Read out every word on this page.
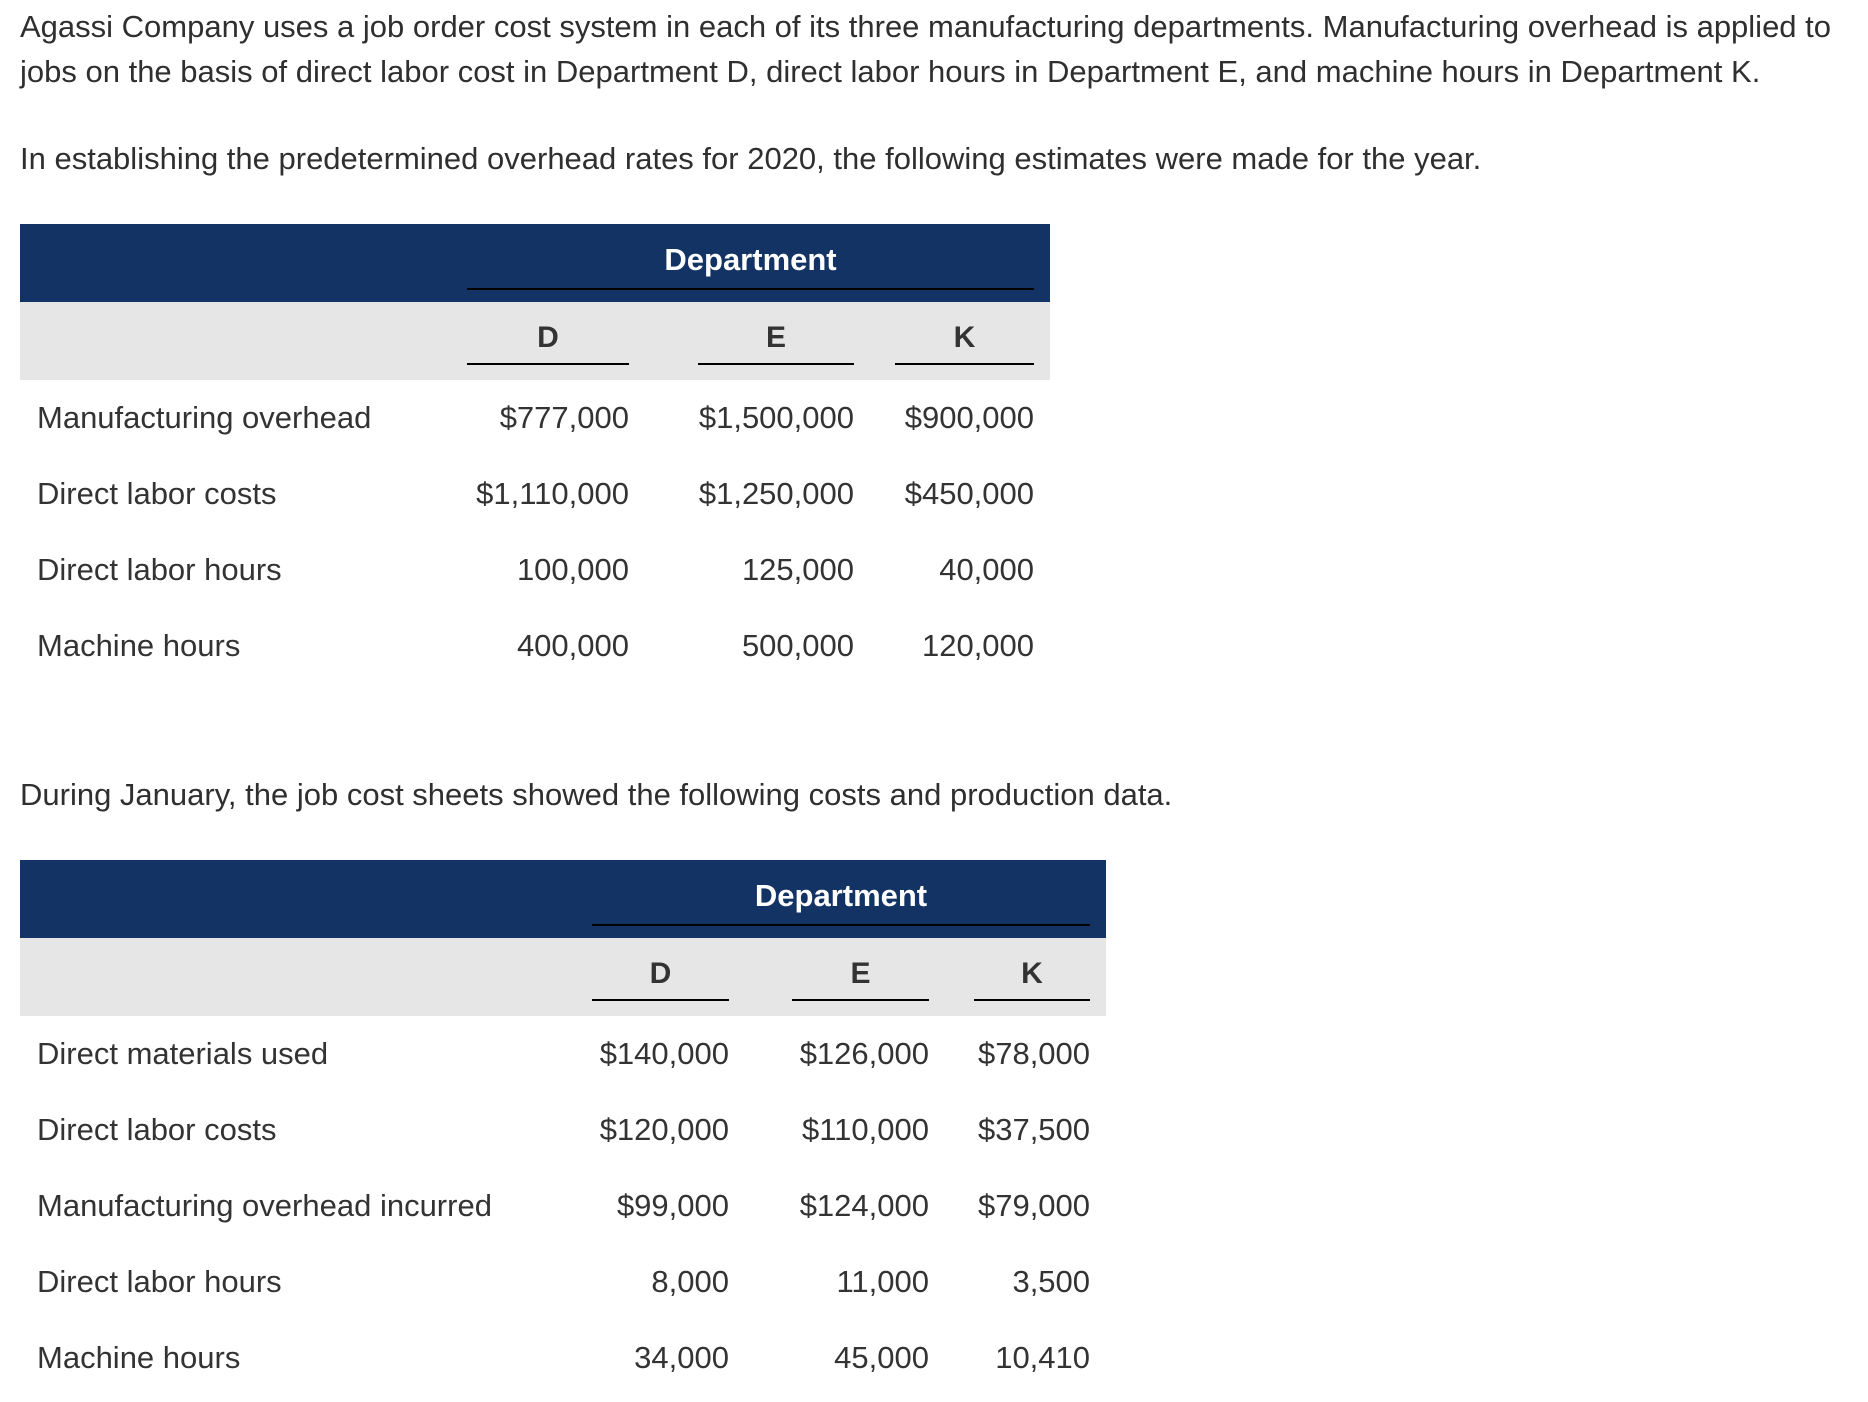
Agassi Company uses a job order cost system in each of its three manufacturing departments. Manufacturing overhead is applied to jobs on the basis of direct labor cost in Department D, direct labor hours in Department E, and machine hours in Department K.

In establishing the predetermined overhead rates for 2020, the following estimates were made for the year.

	Department		

	D	E	K

Manufacturing overhead	$777,000	$1,500,000	$900,000
Direct labor costs	$1,110,000	$1,250,000	$450,000
Direct labor hours	100,000	125,000	40,000
Machine hours	400,000	500,000	120,000

During January, the job cost sheets showed the following costs and production data.

	Department		

	D	E	K

Direct materials used	$140,000	$126,000	$78,000
Direct labor costs	$120,000	$110,000	$37,500
Manufacturing overhead incurred	$99,000	$124,000	$79,000
Direct labor hours	8,000	11,000	3,500
Machine hours	34,000	45,000	10,410
